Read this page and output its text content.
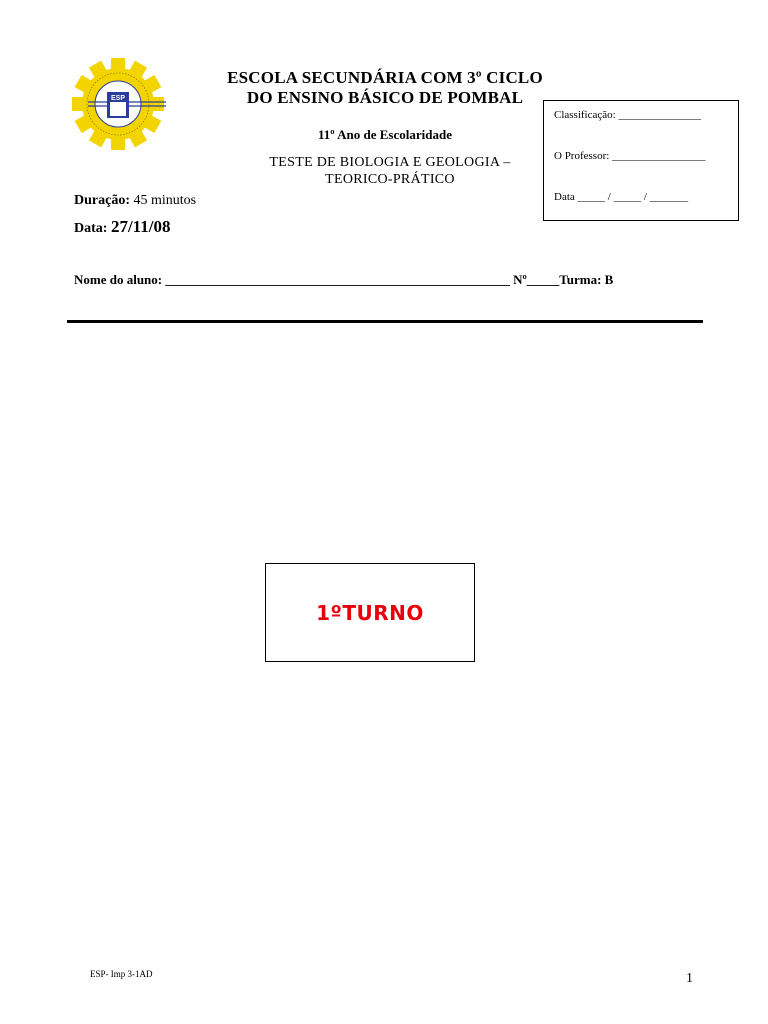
ESP
ESCOLA SECUNDÁRIA COM 3º CICLO
DO ENSINO BÁSICO DE POMBAL
11º Ano de Escolaridade
TESTE DE BIOLOGIA E GEOLOGIA –
TEORICO-PRÁTICO
Classificação: _______________
O Professor: _________________
Data _____ / _____ / _______
Duração: 45 minutos
Data: 27/11/08
Nome do aluno: _____________________________________________________ Nº_____Turma: B
1ºTURNO
ESP- Imp 3-1AD	1
